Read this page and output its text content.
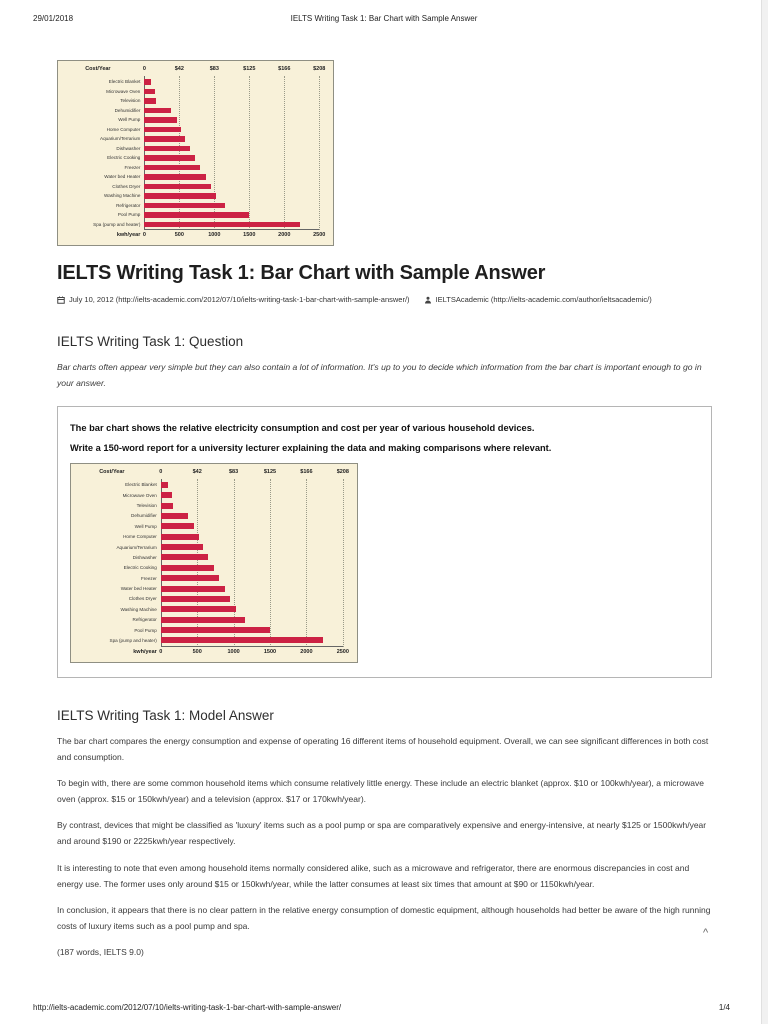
29/01/2018	IELTS Writing Task 1: Bar Chart with Sample Answer
http://ielts-academic.com/2012/07/10/ielts-writing-task-1-bar-chart-with-sample-answer/	1/4
^
Cost/Year	0	$42	$83	$125	$166	$208
Electric Blanket
Microwave Oven
Television
Dehumidifier
Well Pump
Home Computer
Aquarium/Terrarium
Dishwasher
Electric Cooking
Freezer
Water bed Heater
Clothes Dryer
Washing Machine
Refrigerator
Pool Pump
Spa (pump and heater)
kwh/year 0	500	1000	1500	2000	2500
IELTS Writing Task 1: Bar Chart with Sample Answer
July 10, 2012 (http://ielts-academic.com/2012/07/10/ielts-writing-task-1-bar-chart-with-sample-answer/)	IELTSAcademic (http://ielts-academic.com/author/ieltsacademic/)
IELTS Writing Task 1: Question

Bar charts often appear very simple but they can also contain a lot of information. It's up to you to decide which information from the bar chart is important enough to go in your answer.

The bar chart shows the relative electricity consumption and cost per year of various household devices.

Write a 150-word report for a university lecturer explaining the data and making comparisons where relevant.

Cost/Year	0	$42	$83	$125	$166	$208
Electric Blanket
Microwave Oven
Television
Dehumidifier
Well Pump
Home Computer
Aquarium/Terrarium
Dishwasher
Electric Cooking
Freezer
Water bed Heater
Clothes Dryer
Washing Machine
Refrigerator
Pool Pump
Spa (pump and heater)
kwh/year 0	500	1000	1500	2000	2500
IELTS Writing Task 1: Model Answer

The bar chart compares the energy consumption and expense of operating 16 different items of household equipment. Overall, we can see significant differences in both cost and consumption.

To begin with, there are some common household items which consume relatively little energy. These include an electric blanket (approx. $10 or 100kwh/year), a microwave oven (approx. $15 or 150kwh/year) and a television (approx. $17 or 170kwh/year).

By contrast, devices that might be classified as 'luxury' items such as a pool pump or spa are comparatively expensive and energy-intensive, at nearly $125 or 1500kwh/year and around $190 or 2225kwh/year respectively.

It is interesting to note that even among household items normally considered alike, such as a microwave and refrigerator, there are enormous discrepancies in cost and energy use. The former uses only around $15 or 150kwh/year, while the latter consumes at least six times that amount at $90 or 1150kwh/year.

In conclusion, it appears that there is no clear pattern in the relative energy consumption of domestic equipment, although households had better be aware of the high running costs of luxury items such as a pool pump and spa.

(187 words, IELTS 9.0)
